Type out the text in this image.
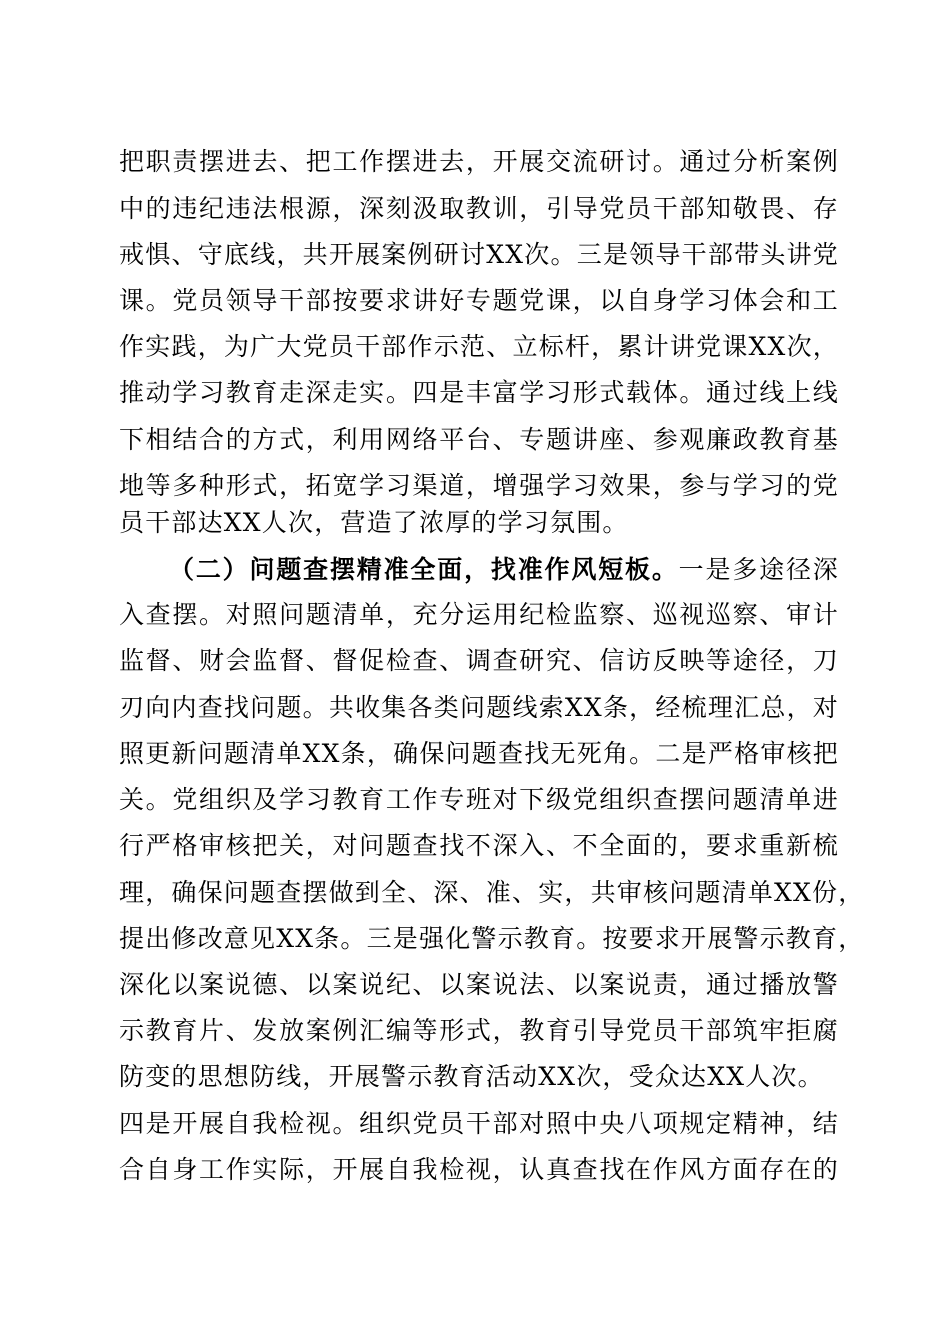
把职责摆进去、把工作摆进去，开展交流研讨。通过分析案例
中的违纪违法根源，深刻汲取教训，引导党员干部知敬畏、存
戒惧、守底线，共开展案例研讨XX次。三是领导干部带头讲党
课。党员领导干部按要求讲好专题党课，以自身学习体会和工
作实践，为广大党员干部作示范、立标杆，累计讲党课XX次，
推动学习教育走深走实。四是丰富学习形式载体。通过线上线
下相结合的方式，利用网络平台、专题讲座、参观廉政教育基
地等多种形式，拓宽学习渠道，增强学习效果，参与学习的党
员干部达XX人次，营造了浓厚的学习氛围。
（二）问题查摆精准全面，找准作风短板。一是多途径深
入查摆。对照问题清单，充分运用纪检监察、巡视巡察、审计
监督、财会监督、督促检查、调查研究、信访反映等途径，刀
刃向内查找问题。共收集各类问题线索XX条，经梳理汇总，对
照更新问题清单XX条，确保问题查找无死角。二是严格审核把
关。党组织及学习教育工作专班对下级党组织查摆问题清单进
行严格审核把关，对问题查找不深入、不全面的，要求重新梳
理，确保问题查摆做到全、深、准、实，共审核问题清单XX份，
提出修改意见XX条。三是强化警示教育。按要求开展警示教育，
深化以案说德、以案说纪、以案说法、以案说责，通过播放警
示教育片、发放案例汇编等形式，教育引导党员干部筑牢拒腐
防变的思想防线，开展警示教育活动XX次，受众达XX人次。
四是开展自我检视。组织党员干部对照中央八项规定精神，结
合自身工作实际，开展自我检视，认真查找在作风方面存在的
